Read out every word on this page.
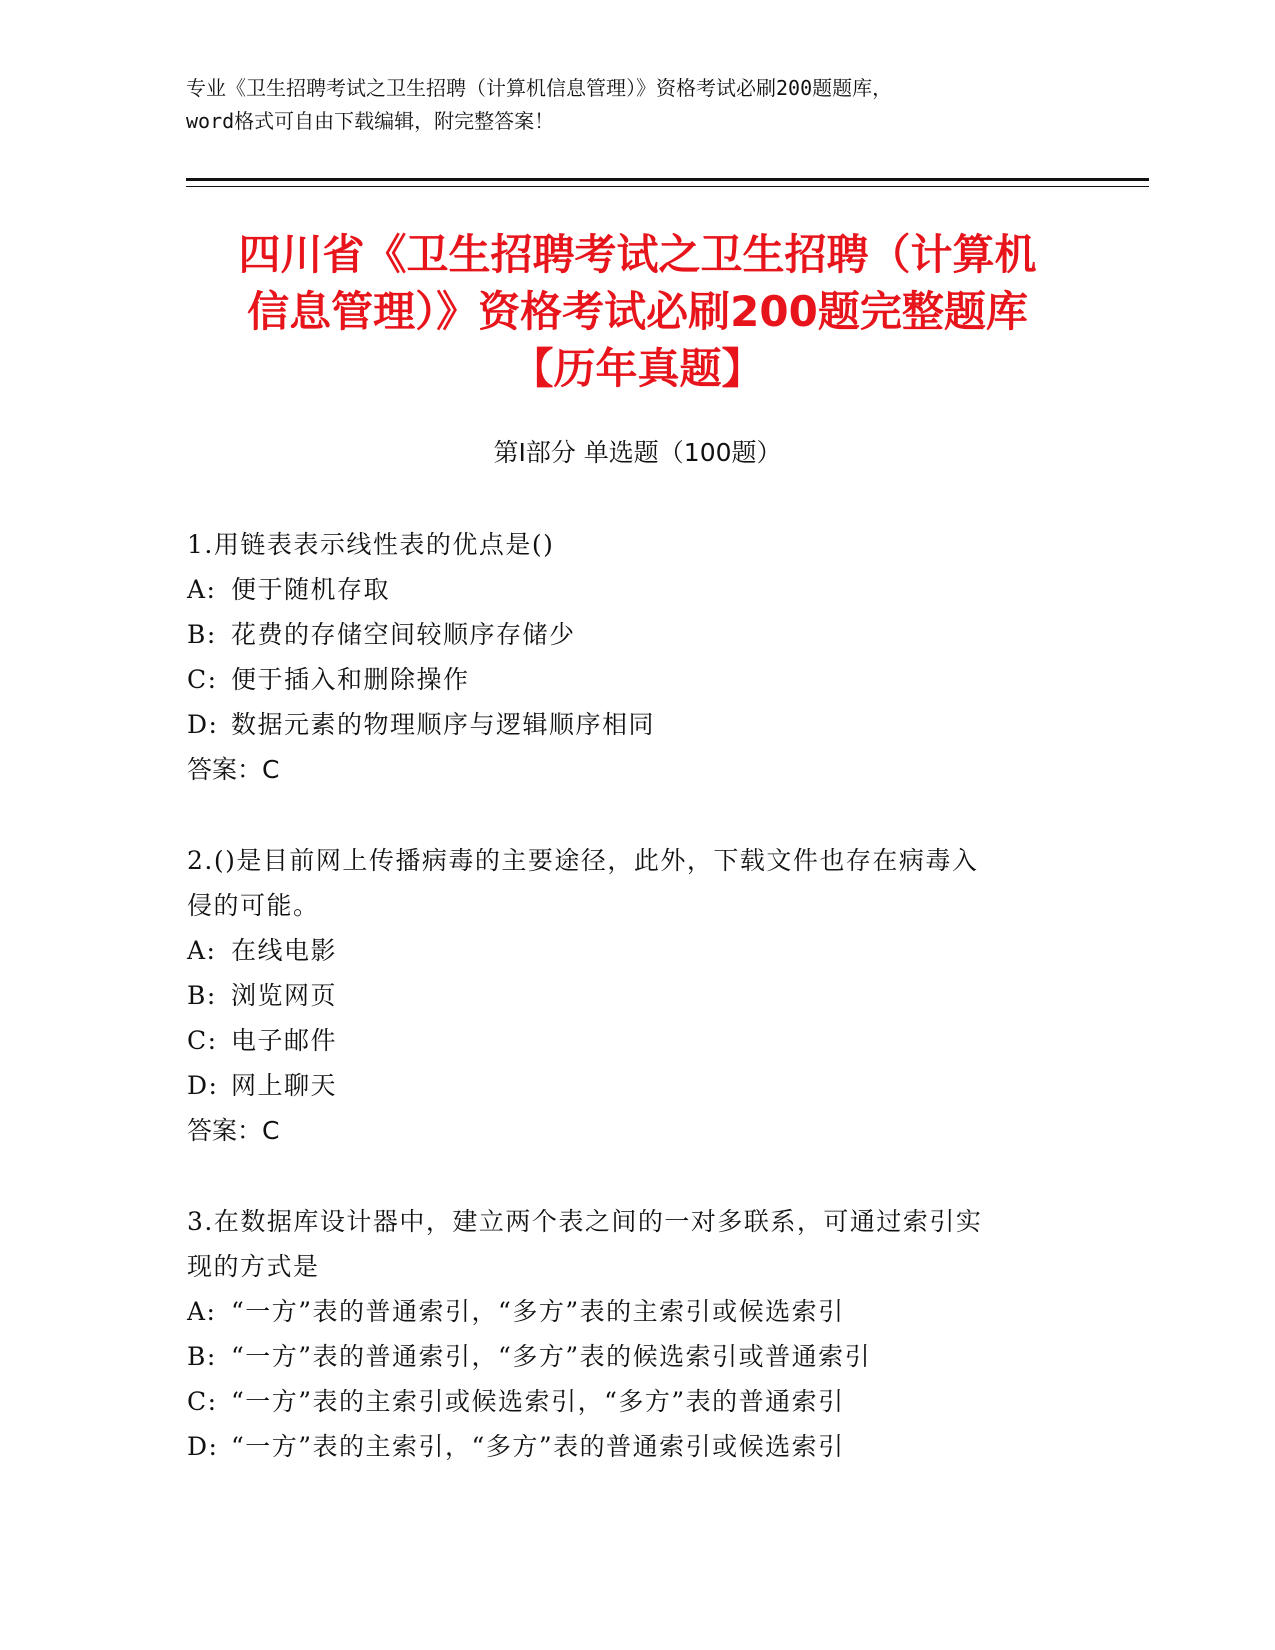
专业《卫生招聘考试之卫生招聘（计算机信息管理）》资格考试必刷200题题库，
word格式可自由下载编辑，附完整答案！
四川省《卫生招聘考试之卫生招聘（计算机
信息管理）》资格考试必刷200题完整题库
【历年真题】
第Ⅰ部分 单选题（100题）
1.用链表表示线性表的优点是()
A: 便于随机存取
B: 花费的存储空间较顺序存储少
C: 便于插入和删除操作
D: 数据元素的物理顺序与逻辑顺序相同
答案：C
2.()是目前网上传播病毒的主要途径，此外，下载文件也存在病毒入
侵的可能。
A: 在线电影
B: 浏览网页
C: 电子邮件
D: 网上聊天
答案：C
3.在数据库设计器中，建立两个表之间的一对多联系，可通过索引实
现的方式是
A: “一方”表的普通索引，“多方”表的主索引或候选索引
B: “一方”表的普通索引，“多方”表的候选索引或普通索引
C: “一方”表的主索引或候选索引，“多方”表的普通索引
D: “一方”表的主索引，“多方”表的普通索引或候选索引
